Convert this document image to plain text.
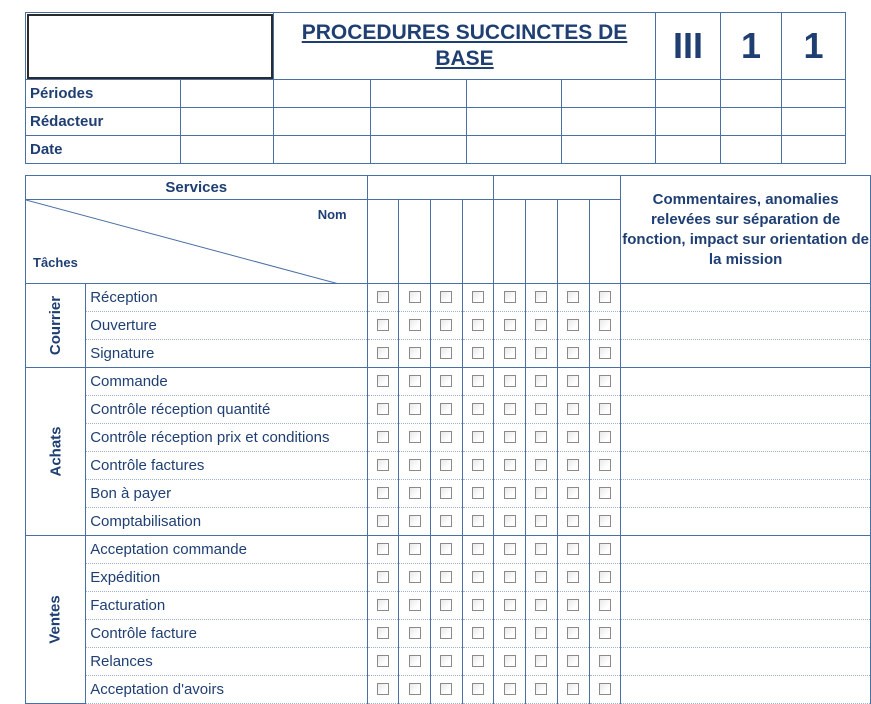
		PROCEDURES SUCCINCTES DE
BASE				III	1	1
Périodes								
Rédacteur								
Date								
Services										Commentaires, anomalies relevées sur séparation de fonction, impact sur orientation de la mission

Nom
Tâches										

Courrier	Réception									
	Ouverture									
	Signature									
Achats	Commande									
	Contrôle réception quantité									
	Contrôle réception prix et conditions									
	Contrôle factures									
	Bon à payer									
	Comptabilisation									
Ventes	Acceptation commande									
	Expédition									
	Facturation									
	Contrôle facture									
	Relances									
	Acceptation d'avoirs									
